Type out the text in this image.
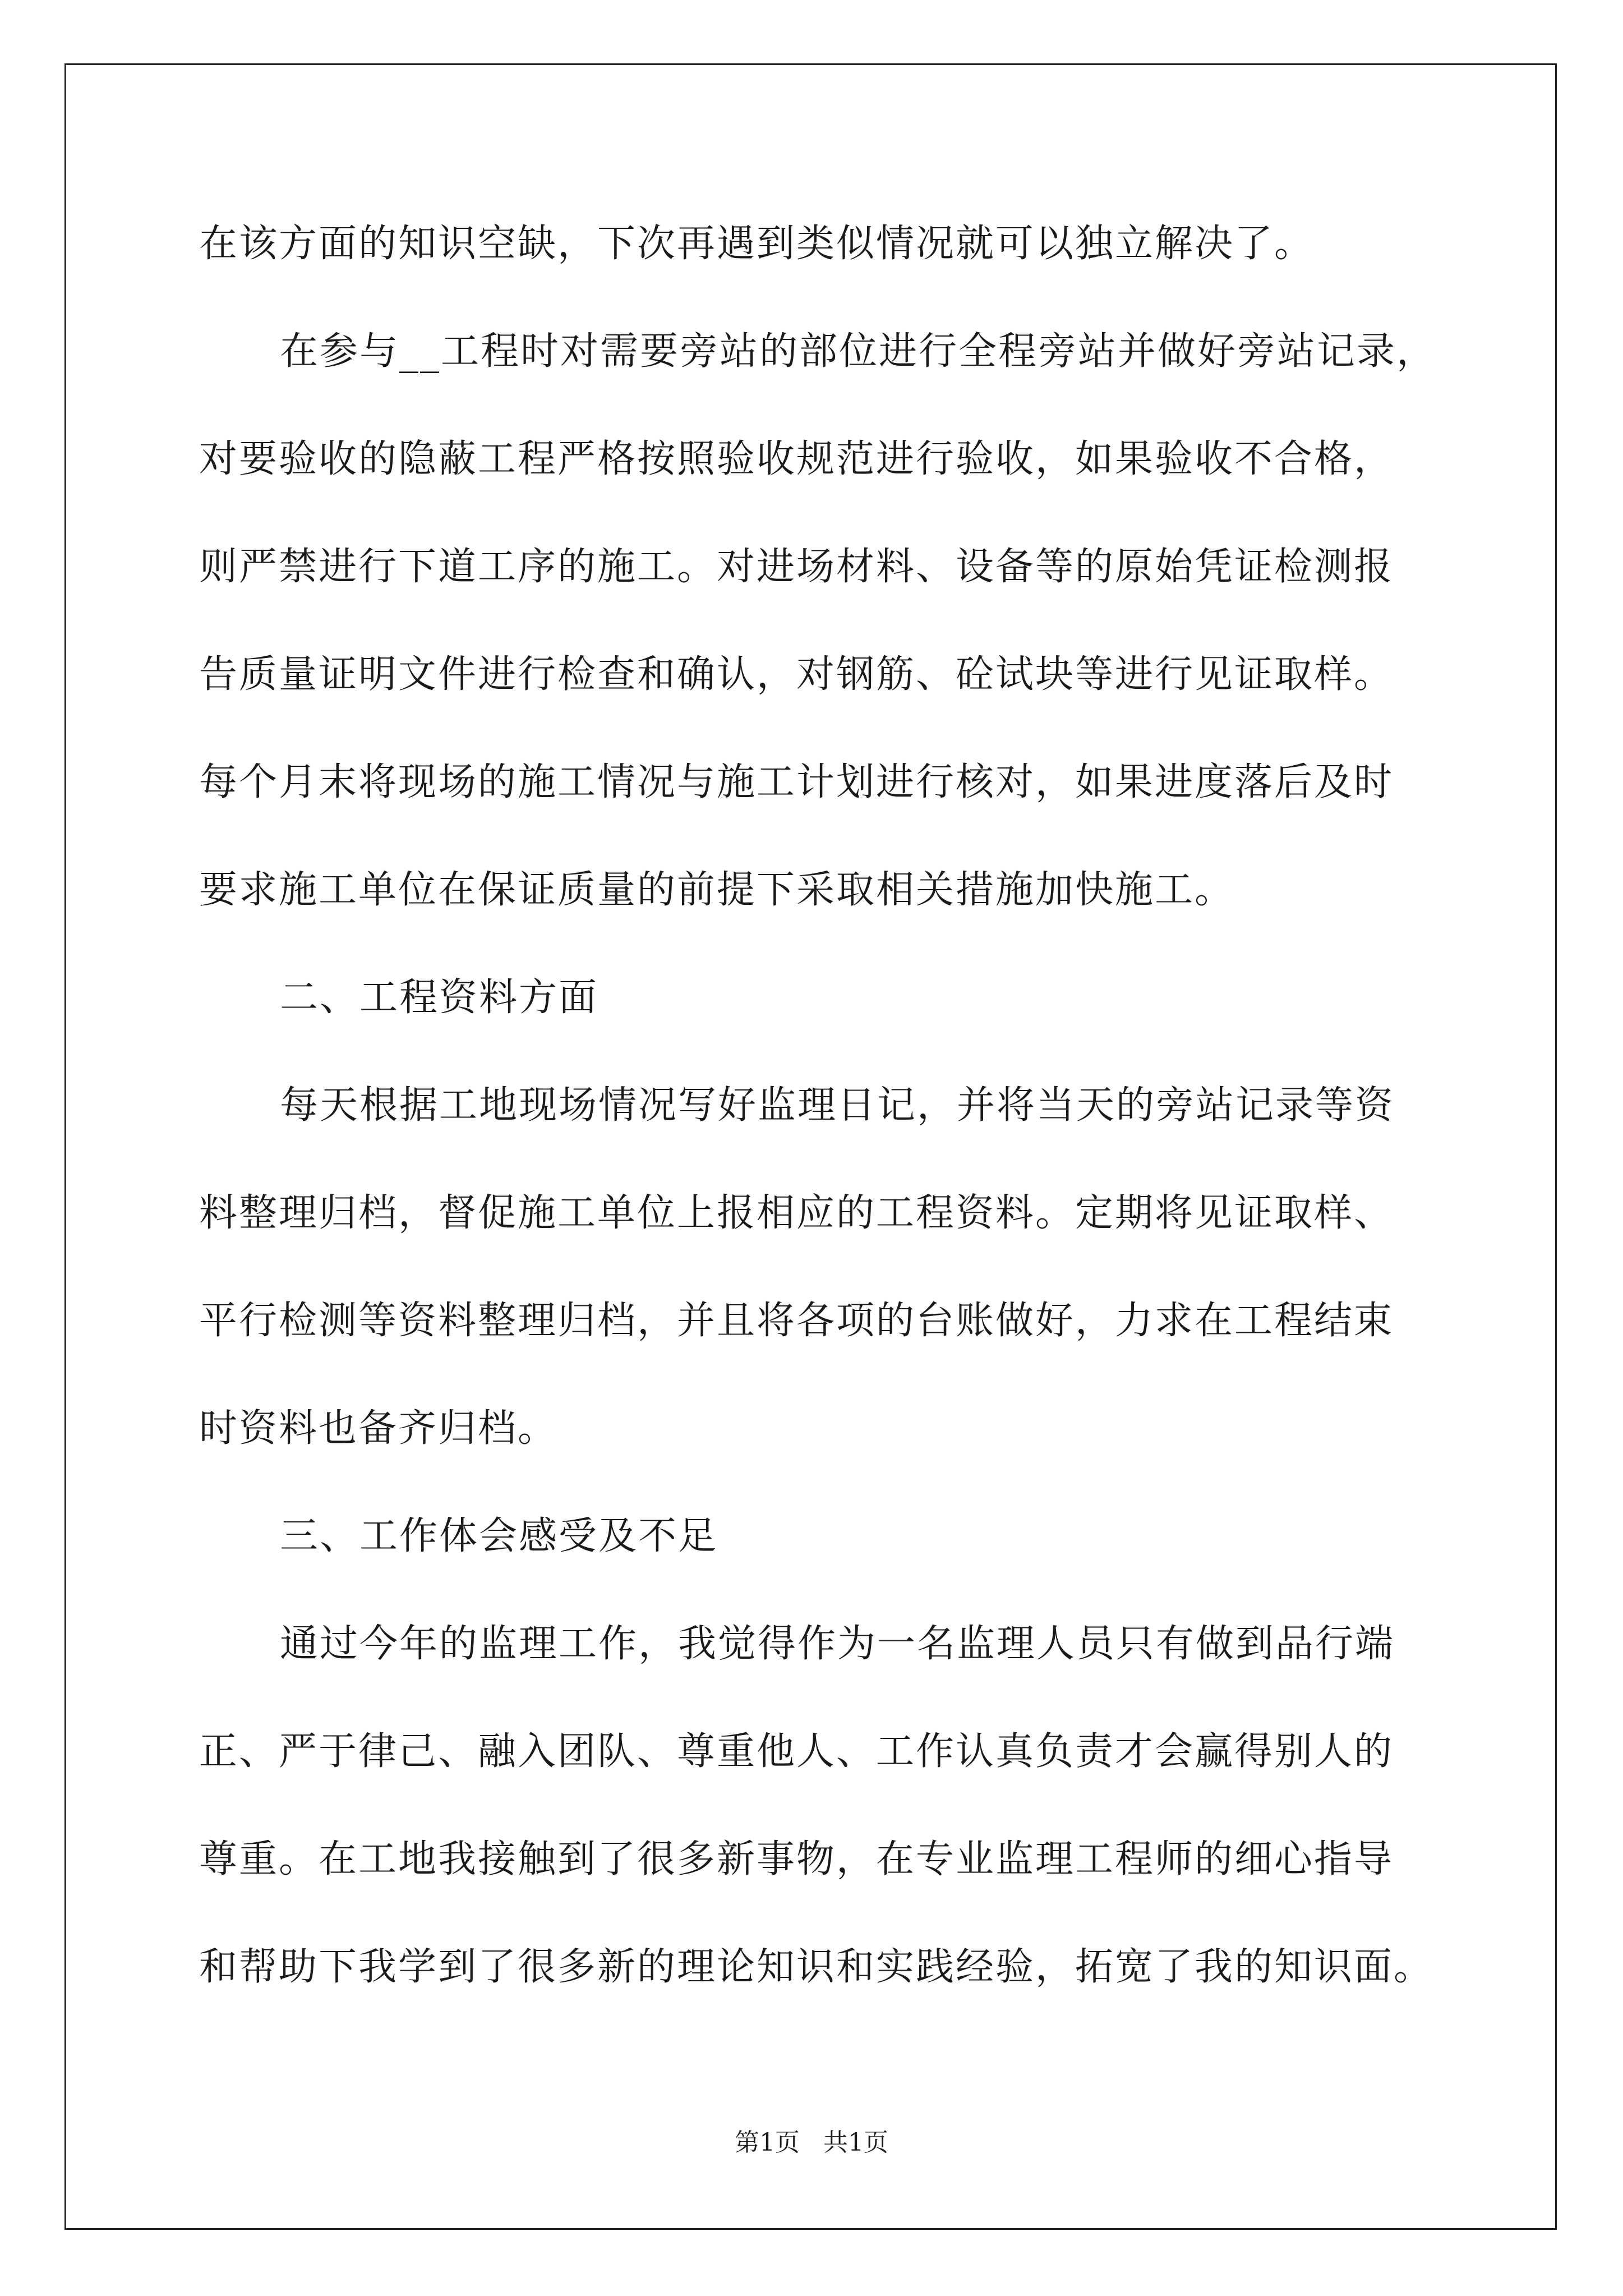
在该方面的知识空缺，下次再遇到类似情况就可以独立解决了。
在参与__工程时对需要旁站的部位进行全程旁站并做好旁站记录，
对要验收的隐蔽工程严格按照验收规范进行验收，如果验收不合格，
则严禁进行下道工序的施工。对进场材料、设备等的原始凭证检测报
告质量证明文件进行检查和确认，对钢筋、砼试块等进行见证取样。
每个月末将现场的施工情况与施工计划进行核对，如果进度落后及时
要求施工单位在保证质量的前提下采取相关措施加快施工。
二、工程资料方面
每天根据工地现场情况写好监理日记，并将当天的旁站记录等资
料整理归档，督促施工单位上报相应的工程资料。定期将见证取样、
平行检测等资料整理归档，并且将各项的台账做好，力求在工程结束
时资料也备齐归档。
三、工作体会感受及不足
通过今年的监理工作，我觉得作为一名监理人员只有做到品行端
正、严于律己、融入团队、尊重他人、工作认真负责才会赢得别人的
尊重。在工地我接触到了很多新事物，在专业监理工程师的细心指导
和帮助下我学到了很多新的理论知识和实践经验，拓宽了我的知识面。
第1页   共1页
